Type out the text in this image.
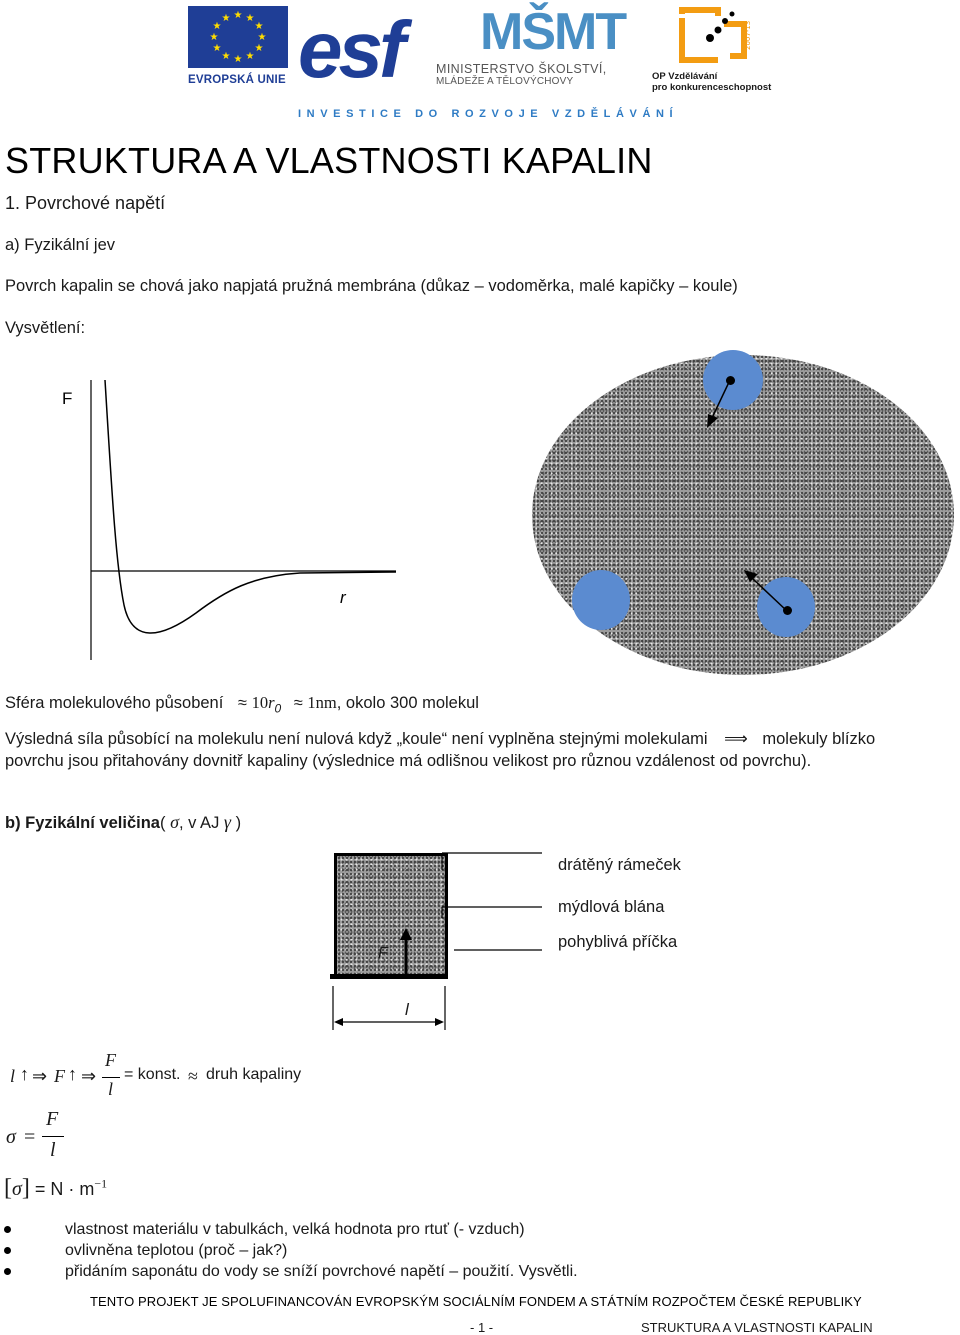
★ ★
★
★
★
★
★
★
★
★
★
★
EVROPSKÁ UNIE esf	MŠMT
MINISTERSTVO ŠKOLSTVÍ,
MLÁDEŽE A TĚLOVÝCHOVY
2007-13
OP Vzdělávání
pro konkurenceschopnost
INVESTICE DO ROZVOJE VZDĚLÁVÁNÍ
STRUKTURA A VLASTNOSTI KAPALIN
1. Povrchové napětí
a) Fyzikální jev
Povrch kapalin se chová jako napjatá pružná membrána (důkaz – vodoměrka, malé kapičky – koule)
Vysvětlení:
F
r
Sféra molekulového působení ≈ $10r_0 \approx 1nm$, okolo 300 molekul
Výsledná síla působící na molekulu není nulová když „koule“ není vyplněna stejnými molekulami ⟹ molekuly blízko
povrchu jsou přitahovány dovnitř kapaliny (výslednice má odlišnou velikost pro různou vzdálenost od povrchu).
b) Fyzikální veličina( σ, v AJ γ )
F
l
drátěný rámeček
mýdlová blána
pohyblivá příčka
l ↑ ⇒ F ↑ ⇒
F
l
= konst. ≈ druh kapaliny
σ =
F
l
$[\sigma] = N \cdot m^{-1}$
vlastnost materiálu v tabulkách, velká hodnota pro rtuť (- vzduch)
ovlivněna teplotou (proč – jak?)
přidáním saponátu do vody se sníží povrchové napětí – použití. Vysvětli.
TENTO PROJEKT JE SPOLUFINANCOVÁN EVROPSKÝM SOCIÁLNÍM FONDEM A STÁTNÍM ROZPOČTEM ČESKÉ REPUBLIKY
- 1 -	STRUKTURA A VLASTNOSTI KAPALIN
